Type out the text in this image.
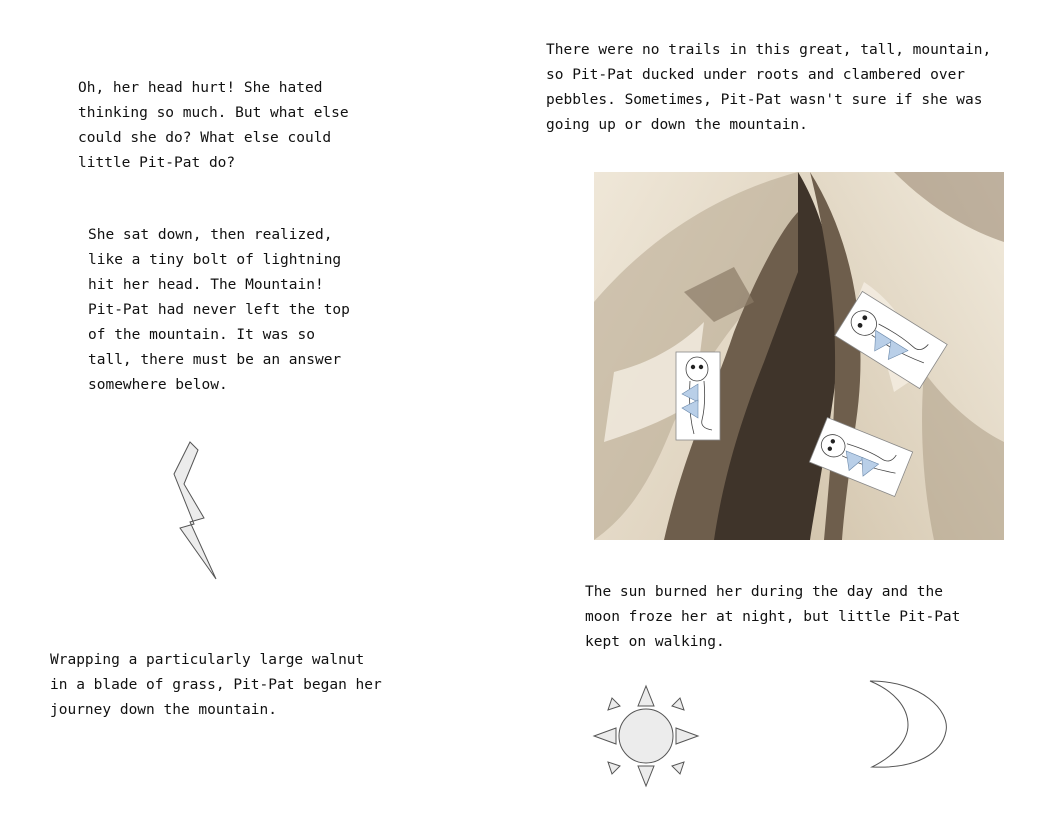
Oh, her head hurt! She hated
thinking so much. But what else
could she do? What else could
little Pit-Pat do?

She sat down, then realized,
like a tiny bolt of lightning
hit her head. The Mountain!
Pit-Pat had never left the top
of the mountain. It was so
tall, there must be an answer
somewhere below.

Wrapping a particularly large walnut
in a blade of grass, Pit-Pat began her
journey down the mountain.

There were no trails in this great, tall, mountain,
so Pit-Pat ducked under roots and clambered over
pebbles. Sometimes, Pit-Pat wasn't sure if she was
going up or down the mountain.

The sun burned her during the day and the
moon froze her at night, but little Pit-Pat
kept on walking.
